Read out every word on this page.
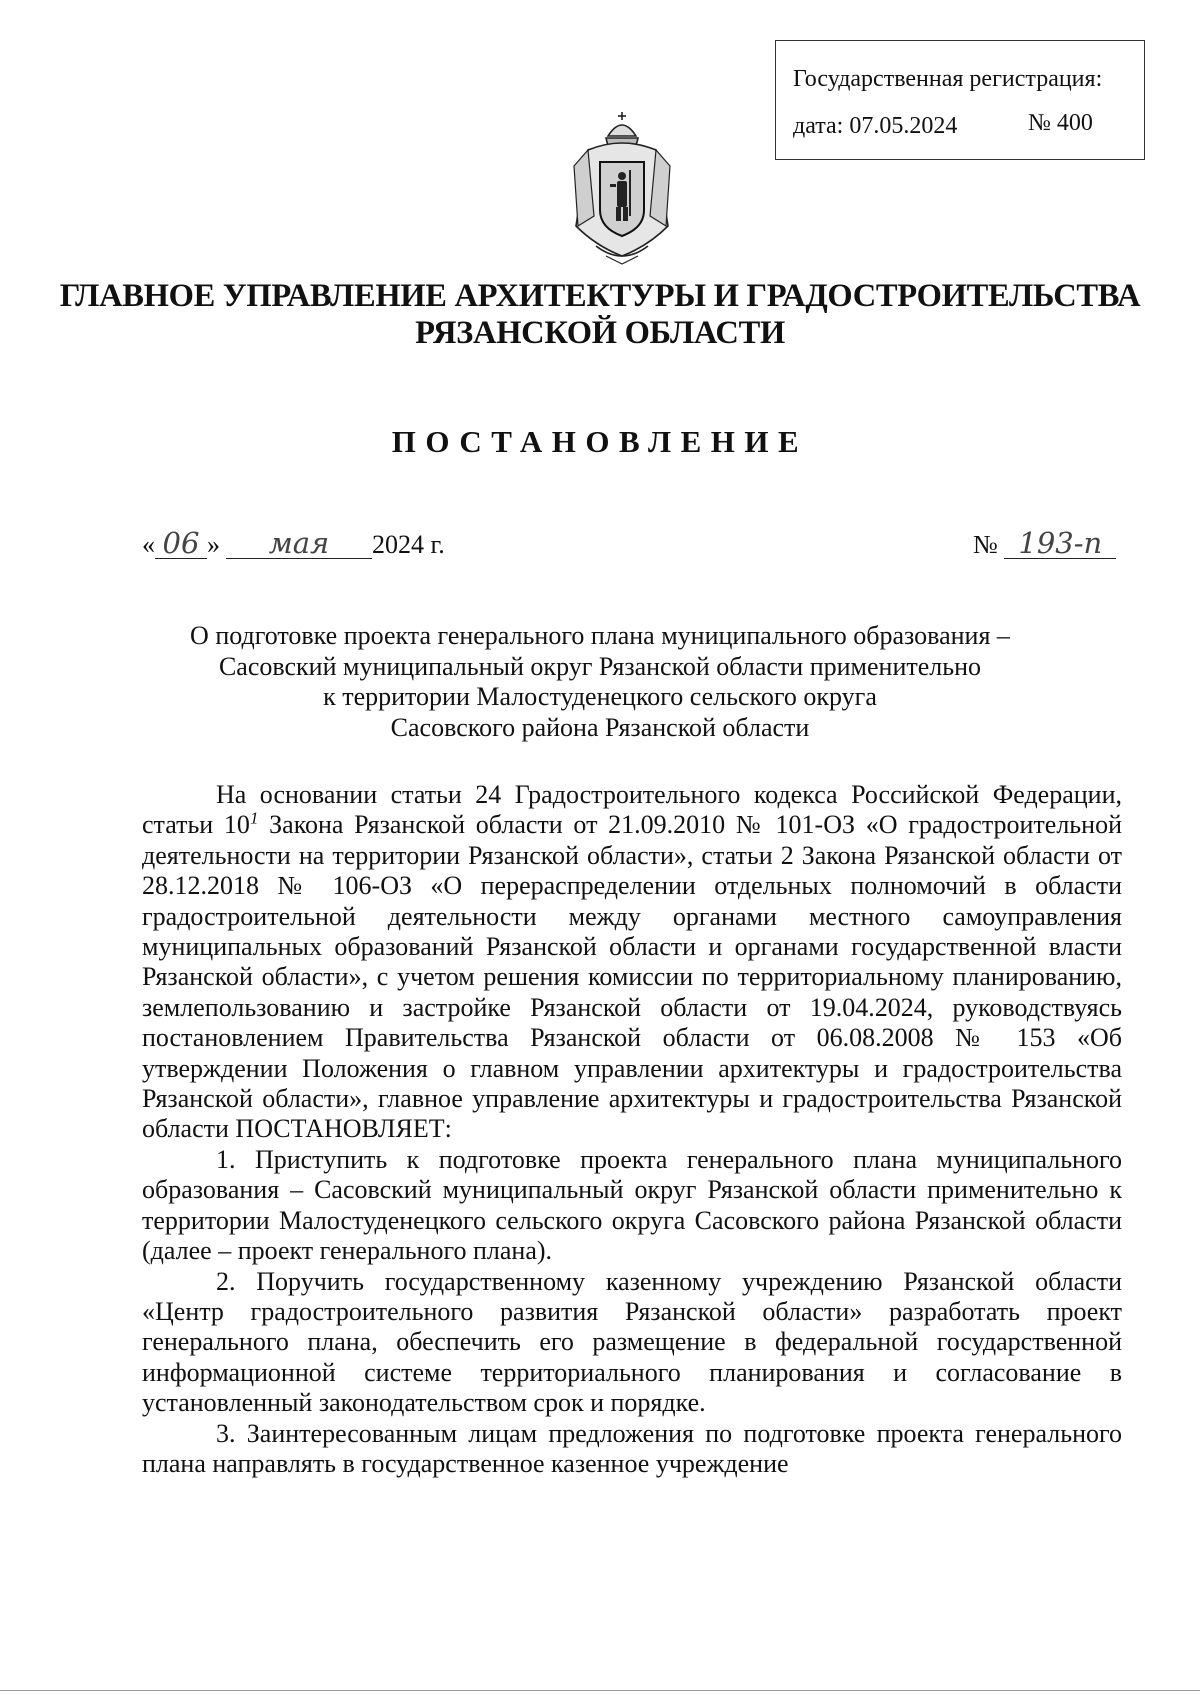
Государственная регистрация:
дата: 07.05.2024	№ 400
ГЛАВНОЕ УПРАВЛЕНИЕ АРХИТЕКТУРЫ И ГРАДОСТРОИТЕЛЬСТВА
РЯЗАНСКОЙ ОБЛАСТИ
ПОСТАНОВЛЕНИЕ
« 06 » мая 2024 г.	№ 193-п
О подготовке проекта генерального плана муниципального образования –
Сасовский муниципальный округ Рязанской области применительно
к территории Малостуденецкого сельского округа
Сасовского района Рязанской области

На основании статьи 24 Градостроительного кодекса Российской Федерации, статьи $10^1$ Закона Рязанской области от 21.09.2010 № 101-ОЗ «О градостроительной деятельности на территории Рязанской области», статьи 2 Закона Рязанской области от 28.12.2018 № 106-ОЗ «О перераспределении отдельных полномочий в области градостроительной деятельности между органами местного самоуправления муниципальных образований Рязанской области и органами государственной власти Рязанской области», с учетом решения комиссии по территориальному планированию, землепользованию и застройке Рязанской области от 19.04.2024, руководствуясь постановлением Правительства Рязанской области от 06.08.2008 № 153 «Об утверждении Положения о главном управлении архитектуры и градостроительства Рязанской области», главное управление архитектуры и градостроительства Рязанской области ПОСТАНОВЛЯЕТ:

1. Приступить к подготовке проекта генерального плана муниципального образования – Сасовский муниципальный округ Рязанской области применительно к территории Малостуденецкого сельского округа Сасовского района Рязанской области (далее – проект генерального плана).

2. Поручить государственному казенному учреждению Рязанской области «Центр градостроительного развития Рязанской области» разработать проект генерального плана, обеспечить его размещение в федеральной государственной информационной системе территориального планирования и согласование в установленный законодательством срок и порядке.

3. Заинтересованным лицам предложения по подготовке проекта генерального плана направлять в государственное казенное учреждение
